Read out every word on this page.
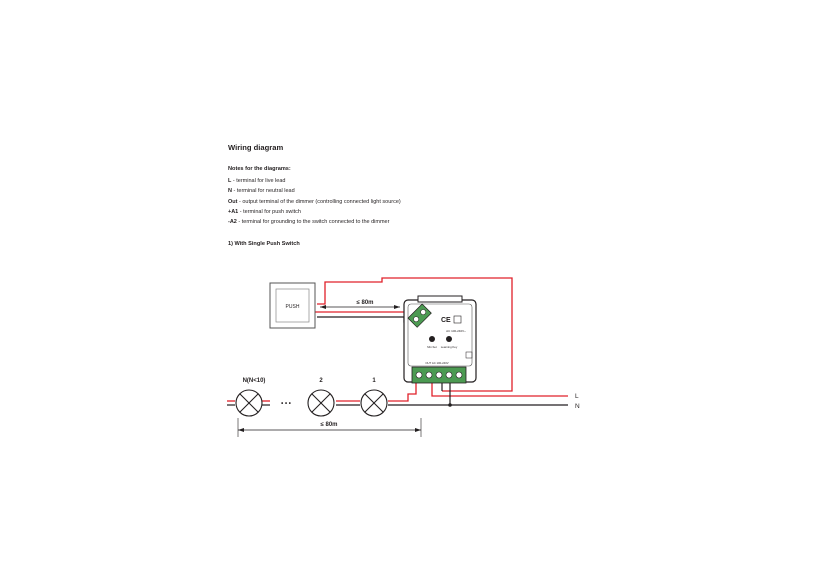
Wiring diagram
Notes for the diagrams:
L - terminal for live lead
N - terminal for neutral lead
Out - output terminal of the dimmer (controlling connected light source)
+A1 - terminal for push switch
-A2 - terminal for grounding to the switch connected to the dimmer
1) With Single Push Switch
PUSH
≤ 80m
CE
AC 100-240V~
Min.Set Learning Key
OUT AC 100-240V
N(N<10)	2	1
• • •
≤ 80m
L
N
